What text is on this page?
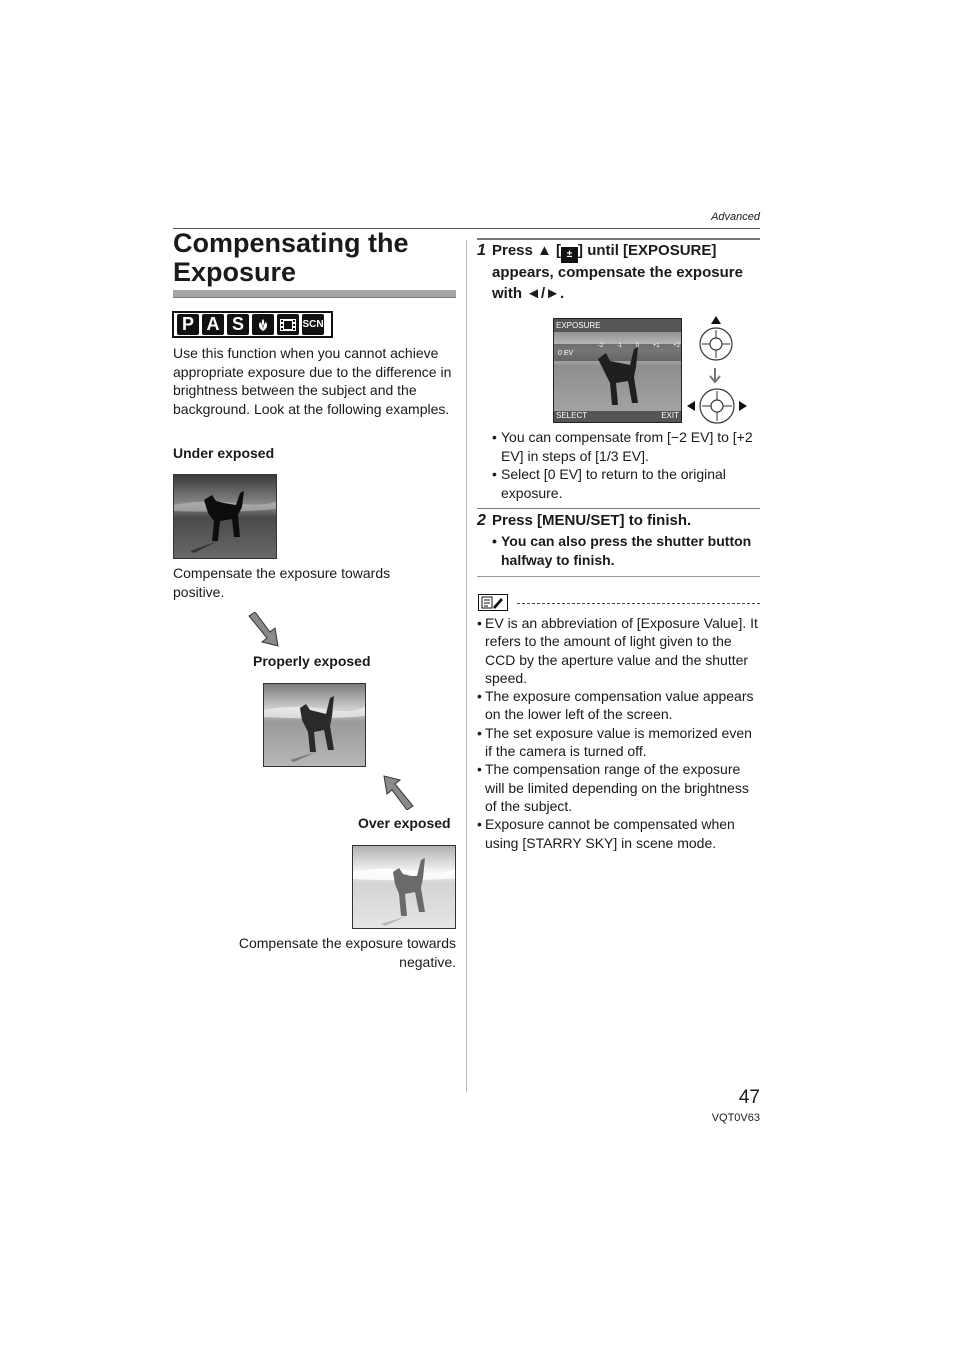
Advanced
Compensating the Exposure
P A S	SCN
Use this function when you cannot achieve appropriate exposure due to the difference in brightness between the subject and the background. Look at the following examples.
Under exposed
Compensate the exposure towards positive.
Properly exposed
Over exposed
Compensate the exposure towards negative.
1 Press ▲ [ ± ] until [EXPOSURE] appears, compensate the exposure with ◄/►.
EXPOSURE
0 EV
-2 -1 0 +1 +2
SELECT	EXIT
• You can compensate from [−2 EV] to [+2 EV] in steps of [1/3 EV].
• Select [0 EV] to return to the original exposure.
2 Press [MENU/SET] to finish.
• You can also press the shutter button halfway to finish.
• EV is an abbreviation of [Exposure Value]. It refers to the amount of light given to the CCD by the aperture value and the shutter speed.
• The exposure compensation value appears on the lower left of the screen.
• The set exposure value is memorized even if the camera is turned off.
• The compensation range of the exposure will be limited depending on the brightness of the subject.
• Exposure cannot be compensated when using [STARRY SKY] in scene mode.
47
VQT0V63
